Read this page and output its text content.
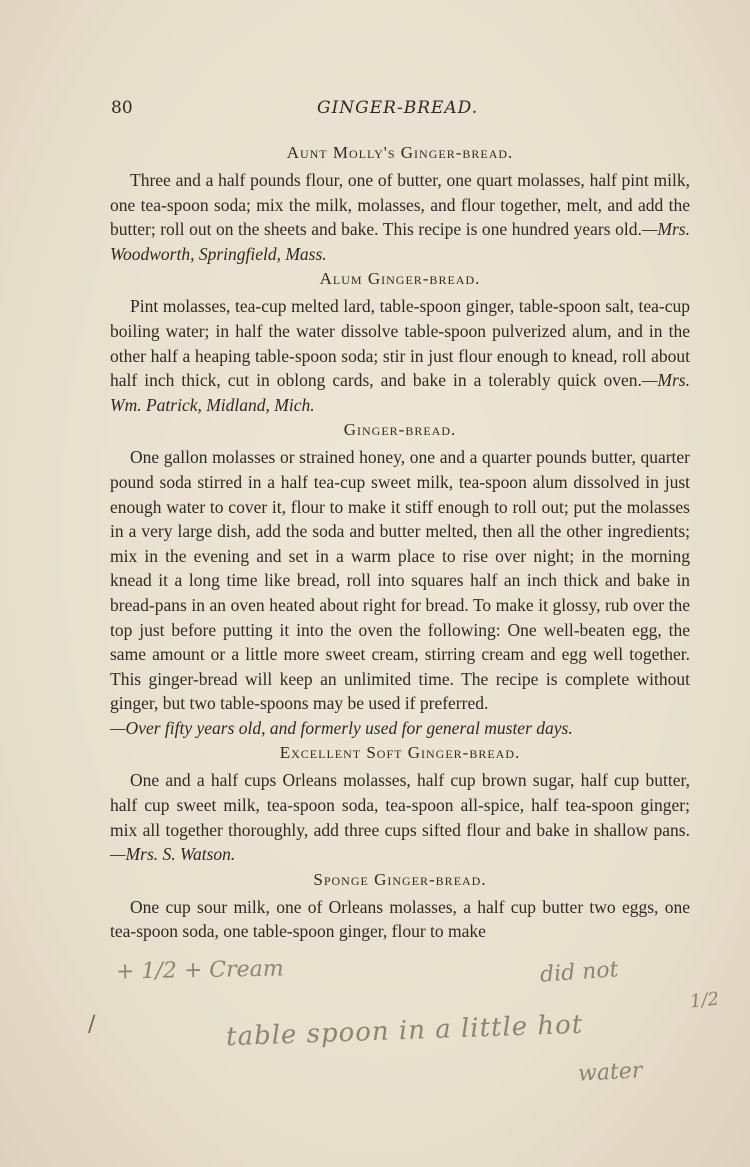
80	GINGER-BREAD.
Aunt Molly's Ginger-bread.

Three and a half pounds flour, one of butter, one quart molasses, half pint milk, one tea-spoon soda; mix the milk, molasses, and flour together, melt, and add the butter; roll out on the sheets and bake. This recipe is one hundred years old.—Mrs. Woodworth, Springfield, Mass.

Alum Ginger-bread.

Pint molasses, tea-cup melted lard, table-spoon ginger, table-spoon salt, tea-cup boiling water; in half the water dissolve table-spoon pulverized alum, and in the other half a heaping table-spoon soda; stir in just flour enough to knead, roll about half inch thick, cut in oblong cards, and bake in a tolerably quick oven.—Mrs. Wm. Patrick, Midland, Mich.

Ginger-bread.

One gallon molasses or strained honey, one and a quarter pounds butter, quarter pound soda stirred in a half tea-cup sweet milk, tea-spoon alum dissolved in just enough water to cover it, flour to make it stiff enough to roll out; put the molasses in a very large dish, add the soda and butter melted, then all the other ingredients; mix in the evening and set in a warm place to rise over night; in the morning knead it a long time like bread, roll into squares half an inch thick and bake in bread-pans in an oven heated about right for bread. To make it glossy, rub over the top just before putting it into the oven the following: One well-beaten egg, the same amount or a little more sweet cream, stirring cream and egg well together. This ginger-bread will keep an unlimited time. The recipe is complete without ginger, but two table-spoons may be used if preferred.
—Over fifty years old, and formerly used for general muster days.

Excellent Soft Ginger-bread.

One and a half cups Orleans molasses, half cup brown sugar, half cup butter, half cup sweet milk, tea-spoon soda, tea-spoon all-spice, half tea-spoon ginger; mix all together thoroughly, add three cups sifted flour and bake in shallow pans.—Mrs. S. Watson.

Sponge Ginger-bread.

One cup sour milk, one of Orleans molasses, a half cup butter two eggs, one tea-spoon soda, one table-spoon ginger, flour to make

+ 1/2 + Cream	did not
table spoon in a little hot
water
1/2
/
